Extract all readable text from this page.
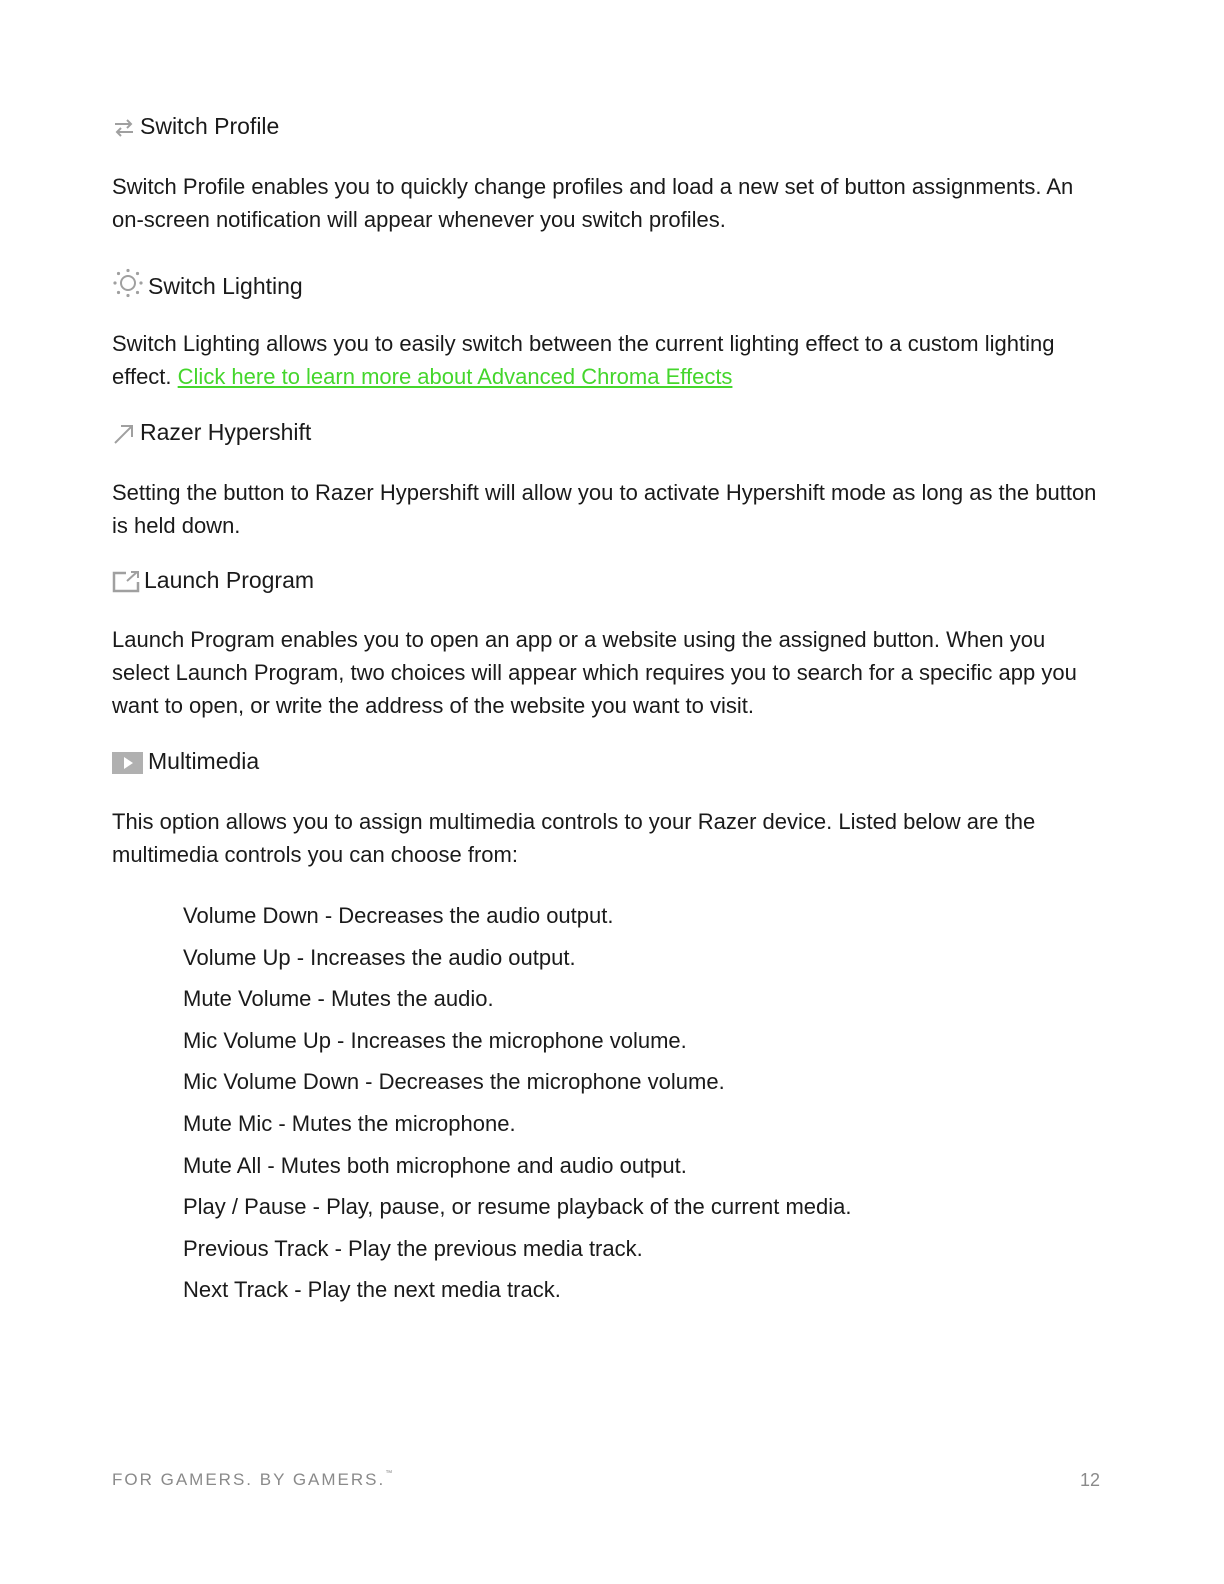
Switch Profile

Switch Profile enables you to quickly change profiles and load a new set of button assignments. An on-screen notification will appear whenever you switch profiles.

Switch Lighting

Switch Lighting allows you to easily switch between the current lighting effect to a custom lighting effect. Click here to learn more about Advanced Chroma Effects

Razer Hypershift

Setting the button to Razer Hypershift will allow you to activate Hypershift mode as long as the button is held down.

Launch Program

Launch Program enables you to open an app or a website using the assigned button. When you select Launch Program, two choices will appear which requires you to search for a specific app you want to open, or write the address of the website you want to visit.

Multimedia

This option allows you to assign multimedia controls to your Razer device. Listed below are the multimedia controls you can choose from:

Volume Down - Decreases the audio output.
Volume Up - Increases the audio output.
Mute Volume - Mutes the audio.
Mic Volume Up - Increases the microphone volume.
Mic Volume Down - Decreases the microphone volume.
Mute Mic - Mutes the microphone.
Mute All - Mutes both microphone and audio output.
Play / Pause - Play, pause, or resume playback of the current media.
Previous Track - Play the previous media track.
Next Track - Play the next media track.
FOR GAMERS. BY GAMERS.™	12
